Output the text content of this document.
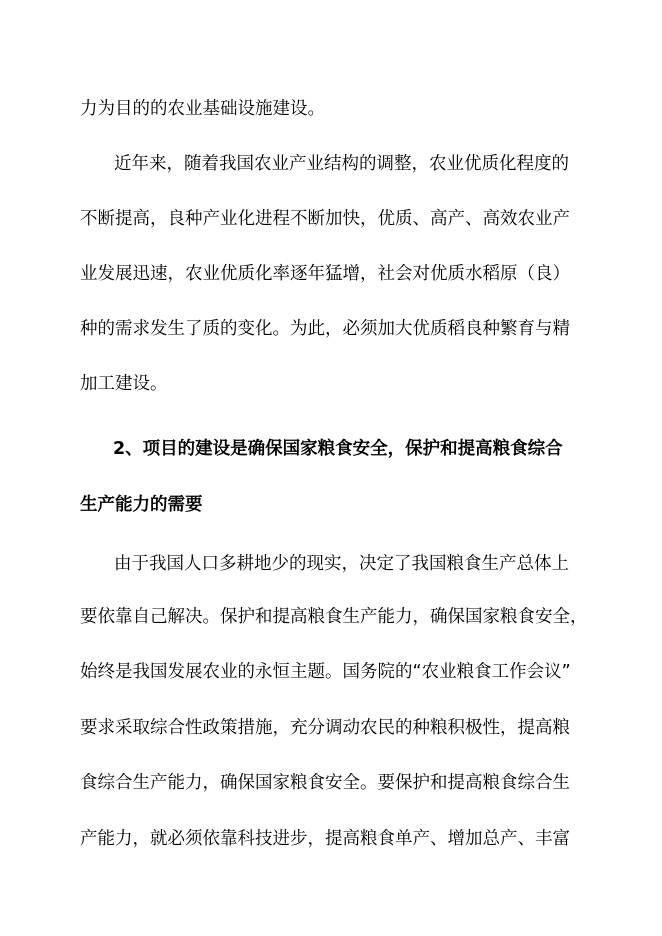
力为目的的农业基础设施建设。
近年来，随着我国农业产业结构的调整，农业优质化程度的
不断提高，良种产业化进程不断加快，优质、高产、高效农业产
业发展迅速，农业优质化率逐年猛增，社会对优质水稻原（良）
种的需求发生了质的变化。为此，必须加大优质稻良种繁育与精
加工建设。
2、项目的建设是确保国家粮食安全，保护和提高粮食综合
生产能力的需要
由于我国人口多耕地少的现实，决定了我国粮食生产总体上
要依靠自己解决。保护和提高粮食生产能力，确保国家粮食安全，
始终是我国发展农业的永恒主题。国务院的“农业粮食工作会议”
要求采取综合性政策措施，充分调动农民的种粮积极性，提高粮
食综合生产能力，确保国家粮食安全。要保护和提高粮食综合生
产能力，就必须依靠科技进步，提高粮食单产、增加总产、丰富
